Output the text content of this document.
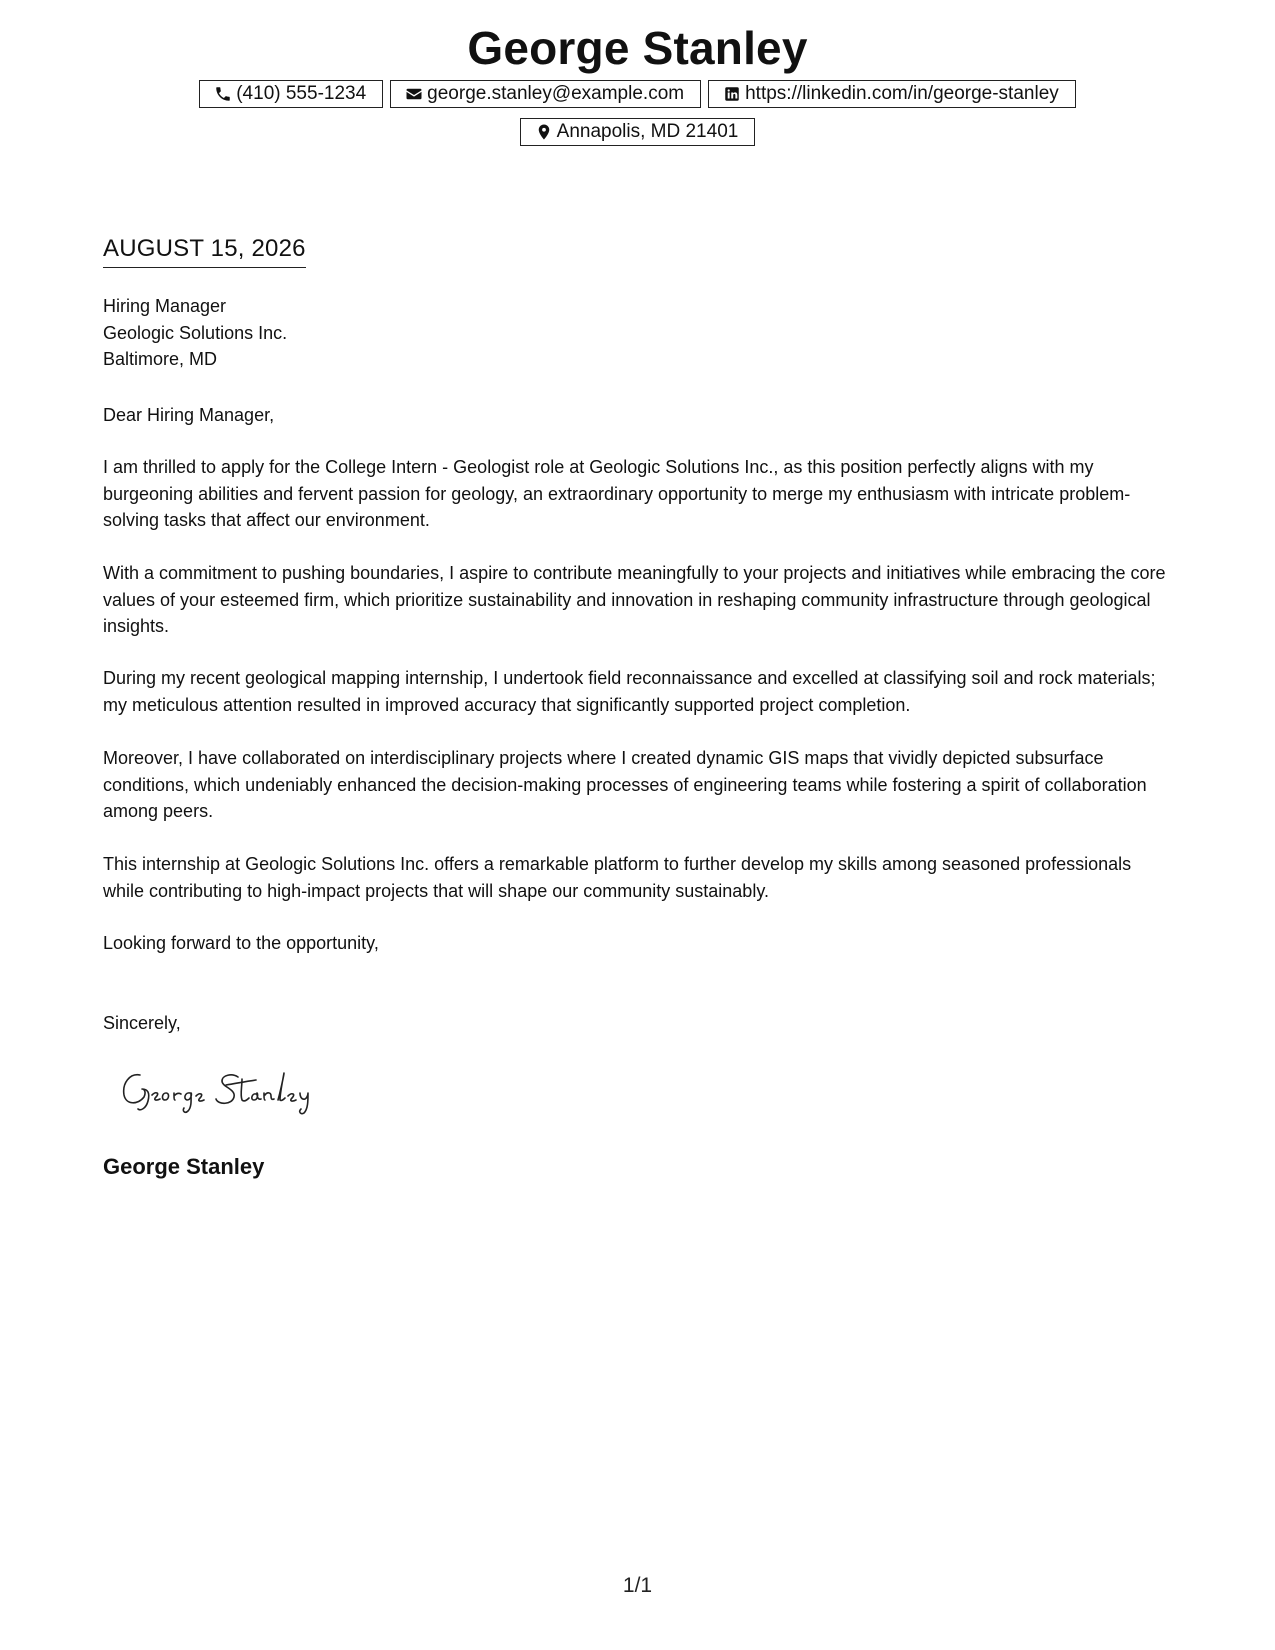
George Stanley
(410) 555-1234	george.stanley@example.com	https://linkedin.com/in/george-stanley
Annapolis, MD 21401
AUGUST 15, 2026
Hiring Manager
Geologic Solutions Inc.
Baltimore, MD
Dear Hiring Manager,

I am thrilled to apply for the College Intern - Geologist role at Geologic Solutions Inc., as this position perfectly aligns with my burgeoning abilities and fervent passion for geology, an extraordinary opportunity to merge my enthusiasm with intricate problem-solving tasks that affect our environment.

With a commitment to pushing boundaries, I aspire to contribute meaningfully to your projects and initiatives while embracing the core values of your esteemed firm, which prioritize sustainability and innovation in reshaping community infrastructure through geological insights.

During my recent geological mapping internship, I undertook field reconnaissance and excelled at classifying soil and rock materials; my meticulous attention resulted in improved accuracy that significantly supported project completion.

Moreover, I have collaborated on interdisciplinary projects where I created dynamic GIS maps that vividly depicted subsurface conditions, which undeniably enhanced the decision-making processes of engineering teams while fostering a spirit of collaboration among peers.

This internship at Geologic Solutions Inc. offers a remarkable platform to further develop my skills among seasoned professionals while contributing to high-impact projects that will shape our community sustainably.

Looking forward to the opportunity,
Sincerely,
George Stanley
1/1
